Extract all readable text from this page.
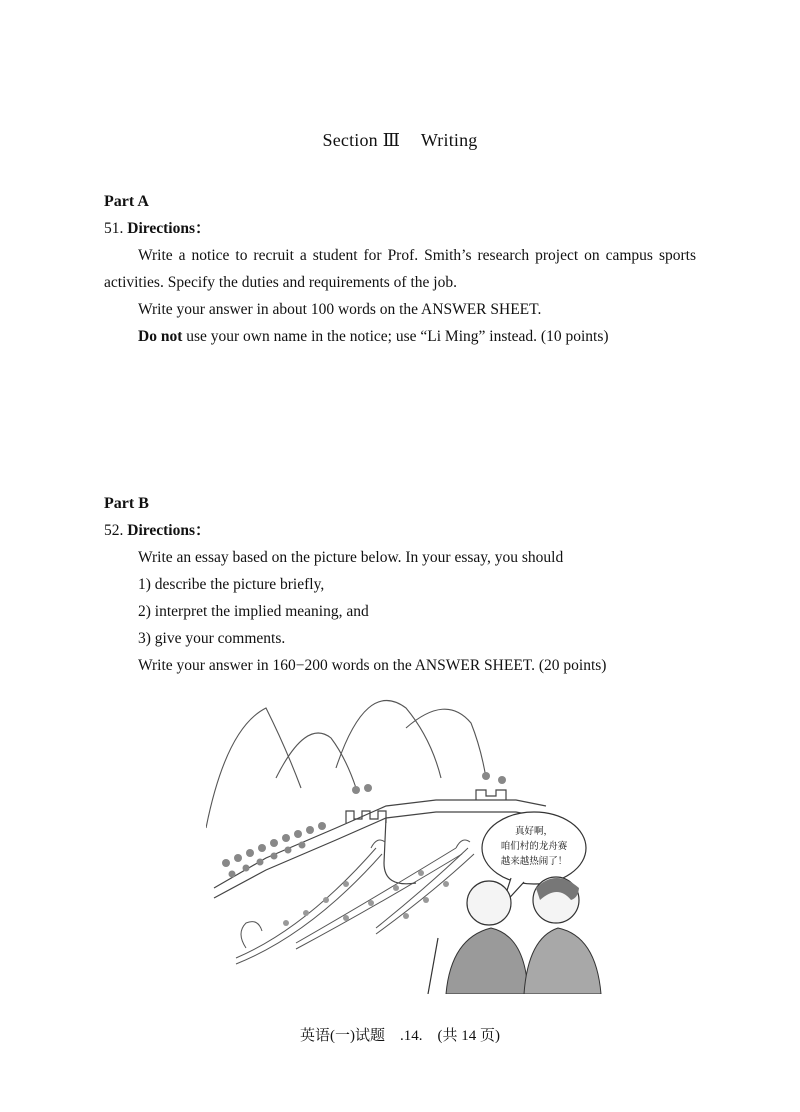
Section Ⅲ Writing
Part A
51. Directions：
Write a notice to recruit a student for Prof. Smith’s research project on campus sports activities. Specify the duties and requirements of the job.
Write your answer in about 100 words on the ANSWER SHEET.
Do not use your own name in the notice; use “Li Ming” instead. (10 points)
Part B
52. Directions：
Write an essay based on the picture below. In your essay, you should
1) describe the picture briefly,
2) interpret the implied meaning, and
3) give your comments.
Write your answer in 160−200 words on the ANSWER SHEET. (20 points)
真好啊，
咱们村的龙舟赛
越来越热闹了！
英语(一)试题　.14.　(共 14 页)
